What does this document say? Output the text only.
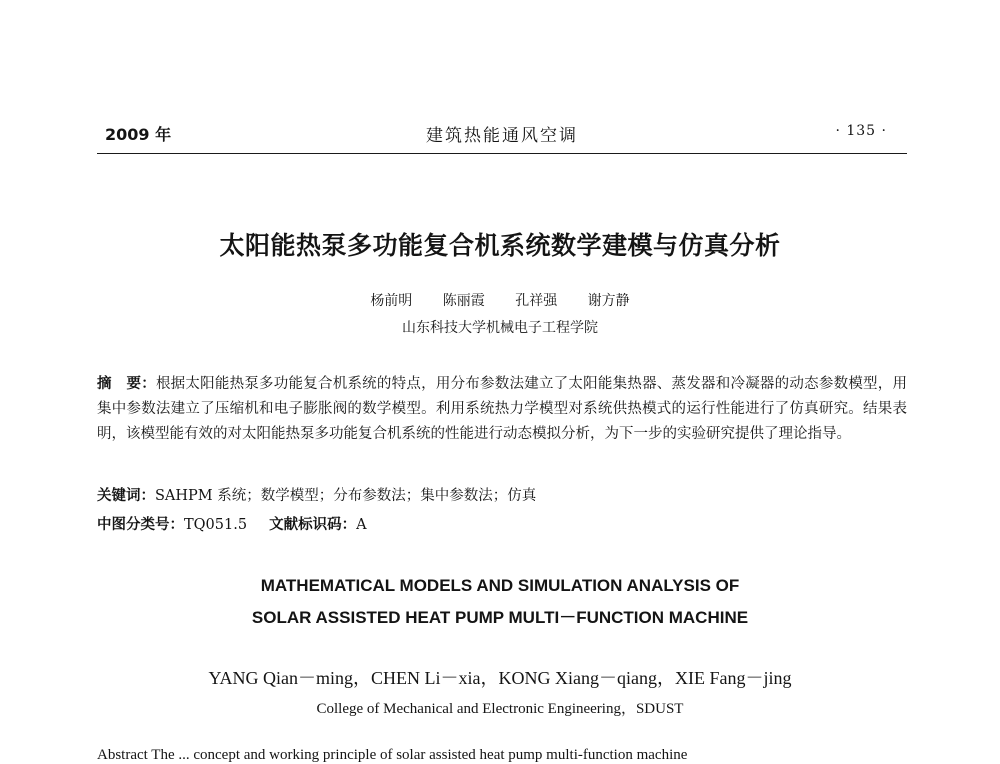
2009 年	建筑热能通风空调	· 135 ·
太阳能热泵多功能复合机系统数学建模与仿真分析
杨前明 陈丽霞 孔祥强 谢方静
山东科技大学机械电子工程学院
摘　要：根据太阳能热泵多功能复合机系统的特点，用分布参数法建立了太阳能集热器、蒸发器和冷凝器的动态参数模型，用集中参数法建立了压缩机和电子膨胀阀的数学模型。利用系统热力学模型对系统供热模式的运行性能进行了仿真研究。结果表明，该模型能有效的对太阳能热泵多功能复合机系统的性能进行动态模拟分析，为下一步的实验研究提供了理论指导。
关键词：SAHPM 系统；数学模型；分布参数法；集中参数法；仿真
中图分类号：TQ051.5 文献标识码：A
MATHEMATICAL MODELS AND SIMULATION ANALYSIS OF
SOLAR ASSISTED HEAT PUMP MULTI－FUNCTION MACHINE
YANG Qian－ming，CHEN Li－xia，KONG Xiang－qiang，XIE Fang－jing
College of Mechanical and Electronic Engineering，SDUST
Abstract The ... concept and working principle of solar assisted heat pump multi-function machine
